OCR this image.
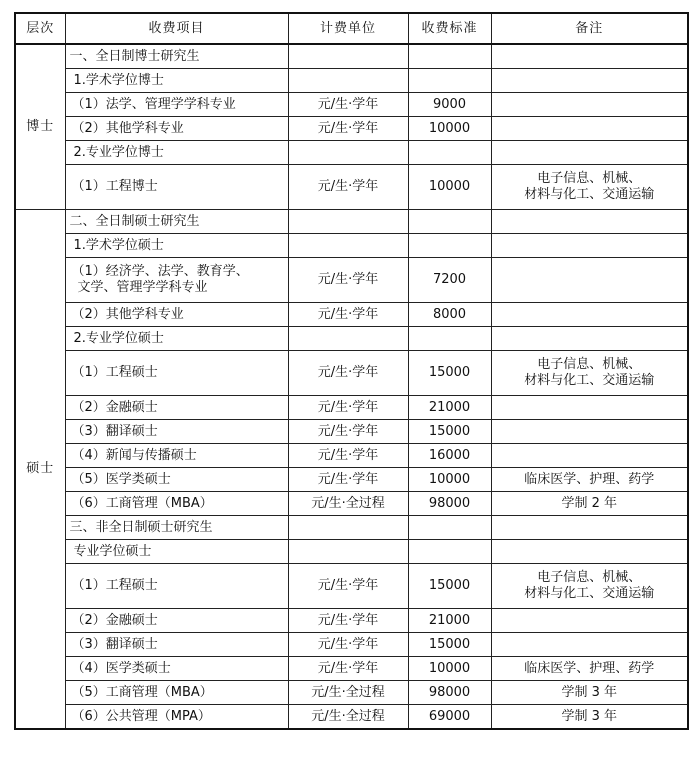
层次	收费项目	计费单位	收费标准	备注
博士	一、全日制博士研究生			
	1.学术学位博士			
	（1）法学、管理学学科专业	元/生·学年	9000	
	（2）其他学科专业	元/生·学年	10000	
	2.专业学位博士			
	（1）工程博士	元/生·学年	10000	电子信息、机械、
材料与化工、交通运输

硕士	二、全日制硕士研究生			
	1.学术学位硕士			

	（1）经济学、法学、教育学、
文学、管理学学科专业	元/生·学年	7200	
	（2）其他学科专业	元/生·学年	8000	
	2.专业学位硕士			
	（1）工程硕士	元/生·学年	15000	电子信息、机械、
材料与化工、交通运输

	（2）金融硕士	元/生·学年	21000	
	（3）翻译硕士	元/生·学年	15000	
	（4）新闻与传播硕士	元/生·学年	16000	
	（5）医学类硕士	元/生·学年	10000	临床医学、护理、药学
	（6）工商管理（MBA）	元/生·全过程	98000	学制 2 年
	三、非全日制硕士研究生			
	专业学位硕士			
	（1）工程硕士	元/生·学年	15000	电子信息、机械、
材料与化工、交通运输

	（2）金融硕士	元/生·学年	21000	
	（3）翻译硕士	元/生·学年	15000	
	（4）医学类硕士	元/生·学年	10000	临床医学、护理、药学
	（5）工商管理（MBA）	元/生·全过程	98000	学制 3 年
	（6）公共管理（MPA）	元/生·全过程	69000	学制 3 年
